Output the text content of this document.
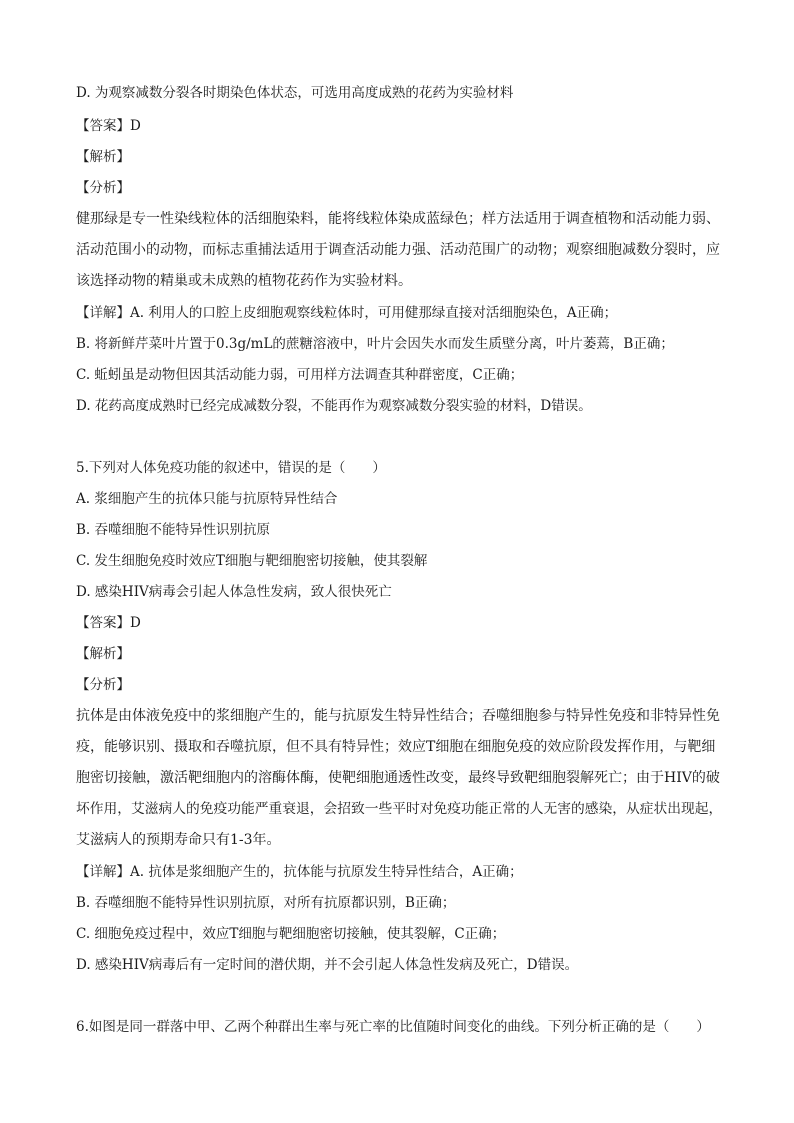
D. 为观察减数分裂各时期染色体状态，可选用高度成熟的花药为实验材料
【答案】D
【解析】
【分析】
健那绿是专一性染线粒体的活细胞染料，能将线粒体染成蓝绿色；样方法适用于调查植物和活动能力弱、
活动范围小的动物，而标志重捕法适用于调查活动能力强、活动范围广的动物；观察细胞减数分裂时，应
该选择动物的精巢或未成熟的植物花药作为实验材料。
【详解】A. 利用人的口腔上皮细胞观察线粒体时，可用健那绿直接对活细胞染色，A正确；
B. 将新鲜芹菜叶片置于0.3g/mL的蔗糖溶液中，叶片会因失水而发生质壁分离，叶片萎蔫，B正确；
C. 蚯蚓虽是动物但因其活动能力弱，可用样方法调查其种群密度，C正确；
D. 花药高度成熟时已经完成减数分裂，不能再作为观察减数分裂实验的材料，D错误。
5.下列对人体免疫功能的叙述中，错误的是（　　）
A. 浆细胞产生的抗体只能与抗原特异性结合
B. 吞噬细胞不能特异性识别抗原
C. 发生细胞免疫时效应T细胞与靶细胞密切接触，使其裂解
D. 感染HIV病毒会引起人体急性发病，致人很快死亡
【答案】D
【解析】
【分析】
抗体是由体液免疫中的浆细胞产生的，能与抗原发生特异性结合；吞噬细胞参与特异性免疫和非特异性免
疫，能够识别、摄取和吞噬抗原，但不具有特异性；效应T细胞在细胞免疫的效应阶段发挥作用，与靶细
胞密切接触，激活靶细胞内的溶酶体酶，使靶细胞通透性改变，最终导致靶细胞裂解死亡；由于HIV的破
坏作用，艾滋病人的免疫功能严重衰退，会招致一些平时对免疫功能正常的人无害的感染，从症状出现起，
艾滋病人的预期寿命只有1-3年。
【详解】A. 抗体是浆细胞产生的，抗体能与抗原发生特异性结合，A正确；
B. 吞噬细胞不能特异性识别抗原，对所有抗原都识别，B正确；
C. 细胞免疫过程中，效应T细胞与靶细胞密切接触，使其裂解，C正确；
D. 感染HIV病毒后有一定时间的潜伏期，并不会引起人体急性发病及死亡，D错误。
6.如图是同一群落中甲、乙两个种群出生率与死亡率的比值随时间变化的曲线。下列分析正确的是（　　）
